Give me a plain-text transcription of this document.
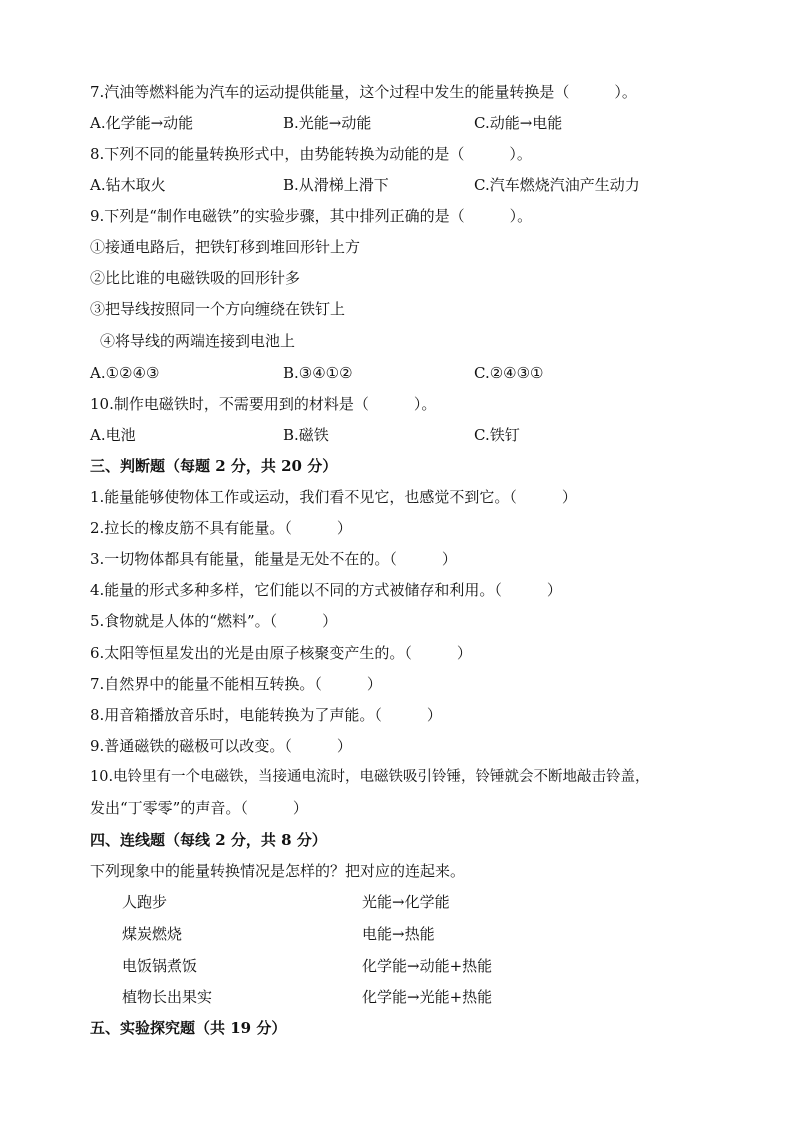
7.汽油等燃料能为汽车的运动提供能量，这个过程中发生的能量转换是（　　　）。
A.化学能→动能	B.光能→动能	C.动能→电能
8.下列不同的能量转换形式中，由势能转换为动能的是（　　　）。
A.钻木取火	B.从滑梯上滑下	C.汽车燃烧汽油产生动力
9.下列是“制作电磁铁”的实验步骤，其中排列正确的是（　　　）。
①接通电路后，把铁钉移到堆回形针上方
②比比谁的电磁铁吸的回形针多
③把导线按照同一个方向缠绕在铁钉上
④将导线的两端连接到电池上
A.①②④③	B.③④①②	C.②④③①
10.制作电磁铁时，不需要用到的材料是（　　　）。
A.电池	B.磁铁	C.铁钉
三、判断题（每题 2 分，共 20 分）
1.能量能够使物体工作或运动，我们看不见它，也感觉不到它。（　　　）
2.拉长的橡皮筋不具有能量。（　　　）
3.一切物体都具有能量，能量是无处不在的。（　　　）
4.能量的形式多种多样，它们能以不同的方式被储存和利用。（　　　）
5.食物就是人体的“燃料”。（　　　）
6.太阳等恒星发出的光是由原子核聚变产生的。（　　　）
7.自然界中的能量不能相互转换。（　　　）
8.用音箱播放音乐时，电能转换为了声能。（　　　）
9.普通磁铁的磁极可以改变。（　　　）
10.电铃里有一个电磁铁，当接通电流时，电磁铁吸引铃锤，铃锤就会不断地敲击铃盖，
发出“丁零零”的声音。（　　　）
四、连线题（每线 2 分，共 8 分）
下列现象中的能量转换情况是怎样的？把对应的连起来。
人跑步	光能→化学能
煤炭燃烧	电能→热能
电饭锅煮饭	化学能→动能+热能
植物长出果实	化学能→光能+热能
五、实验探究题（共 19 分）
